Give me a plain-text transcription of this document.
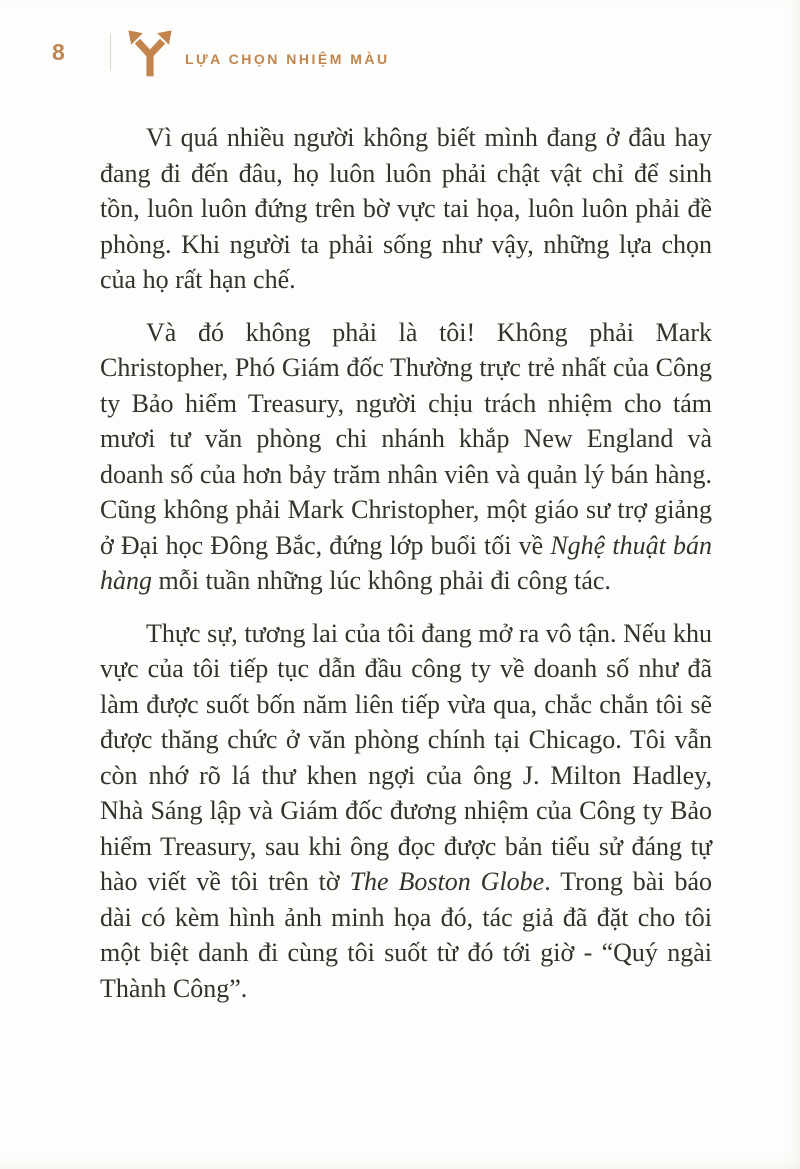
8	LỰA CHỌN NHIỆM MÀU

Vì quá nhiều người không biết mình đang ở đâu hay đang đi đến đâu, họ luôn luôn phải chật vật chỉ để sinh tồn, luôn luôn đứng trên bờ vực tai họa, luôn luôn phải đề phòng. Khi người ta phải sống như vậy, những lựa chọn của họ rất hạn chế.

Và đó không phải là tôi! Không phải Mark Christopher, Phó Giám đốc Thường trực trẻ nhất của Công ty Bảo hiểm Treasury, người chịu trách nhiệm cho tám mươi tư văn phòng chi nhánh khắp New England và doanh số của hơn bảy trăm nhân viên và quản lý bán hàng. Cũng không phải Mark Christopher, một giáo sư trợ giảng ở Đại học Đông Bắc, đứng lớp buổi tối về Nghệ thuật bán hàng mỗi tuần những lúc không phải đi công tác.

Thực sự, tương lai của tôi đang mở ra vô tận. Nếu khu vực của tôi tiếp tục dẫn đầu công ty về doanh số như đã làm được suốt bốn năm liên tiếp vừa qua, chắc chắn tôi sẽ được thăng chức ở văn phòng chính tại Chicago. Tôi vẫn còn nhớ rõ lá thư khen ngợi của ông J. Milton Hadley, Nhà Sáng lập và Giám đốc đương nhiệm của Công ty Bảo hiểm Treasury, sau khi ông đọc được bản tiểu sử đáng tự hào viết về tôi trên tờ The Boston Globe. Trong bài báo dài có kèm hình ảnh minh họa đó, tác giả đã đặt cho tôi một biệt danh đi cùng tôi suốt từ đó tới giờ - “Quý ngài Thành Công”.
